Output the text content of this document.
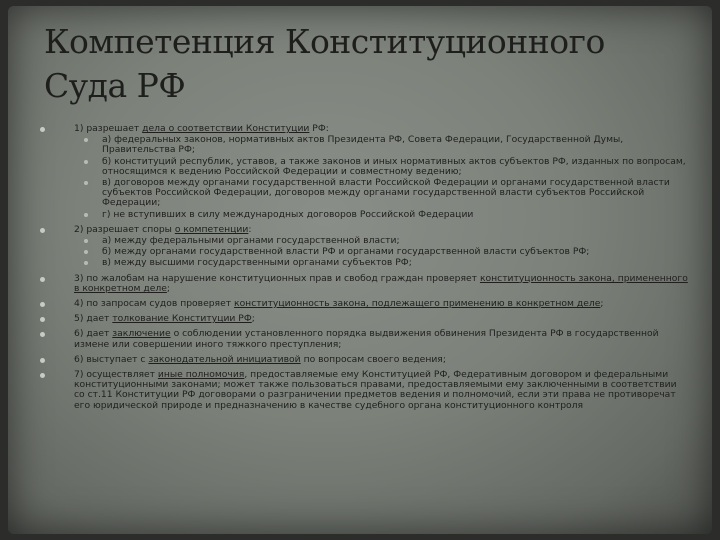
Компетенция Конституционного Суда РФ
1) разрешает дела о соответствии Конституции РФ:
а) федеральных законов, нормативных актов Президента РФ, Совета Федерации, Государственной Думы, Правительства РФ;
б) конституций республик, уставов, а также законов и иных нормативных актов субъектов РФ, изданных по вопросам, относящимся к ведению Российской Федерации и совместному ведению;
в) договоров между органами государственной власти Российской Федерации и органами государственной власти субъектов Российской Федерации, договоров между органами государственной власти субъектов Российской Федерации;
г) не вступивших в силу международных договоров Российской Федерации
2) разрешает споры о компетенции:
а) между федеральными органами государственной власти;
б) между органами государственной власти РФ и органами государственной власти субъектов РФ;
в) между высшими государственными органами субъектов РФ;
3) по жалобам на нарушение конституционных прав и свобод граждан проверяет конституционность закона, примененного в конкретном деле;
4) по запросам судов проверяет конституционность закона, подлежащего применению в конкретном деле;
5) дает толкование Конституции РФ;
6) дает заключение о соблюдении установленного порядка выдвижения обвинения Президента РФ в государственной измене или совершении иного тяжкого преступления;
6) выступает с законодательной инициативой по вопросам своего ведения;
7) осуществляет иные полномочия, предоставляемые ему Конституцией РФ, Федеративным договором и федеральными конституционными законами; может также пользоваться правами, предоставляемыми ему заключенными в соответствии со ст.11 Конституции РФ договорами о разграничении предметов ведения и полномочий, если эти права не противоречат его юридической природе и предназначению в качестве судебного органа конституционного контроля
